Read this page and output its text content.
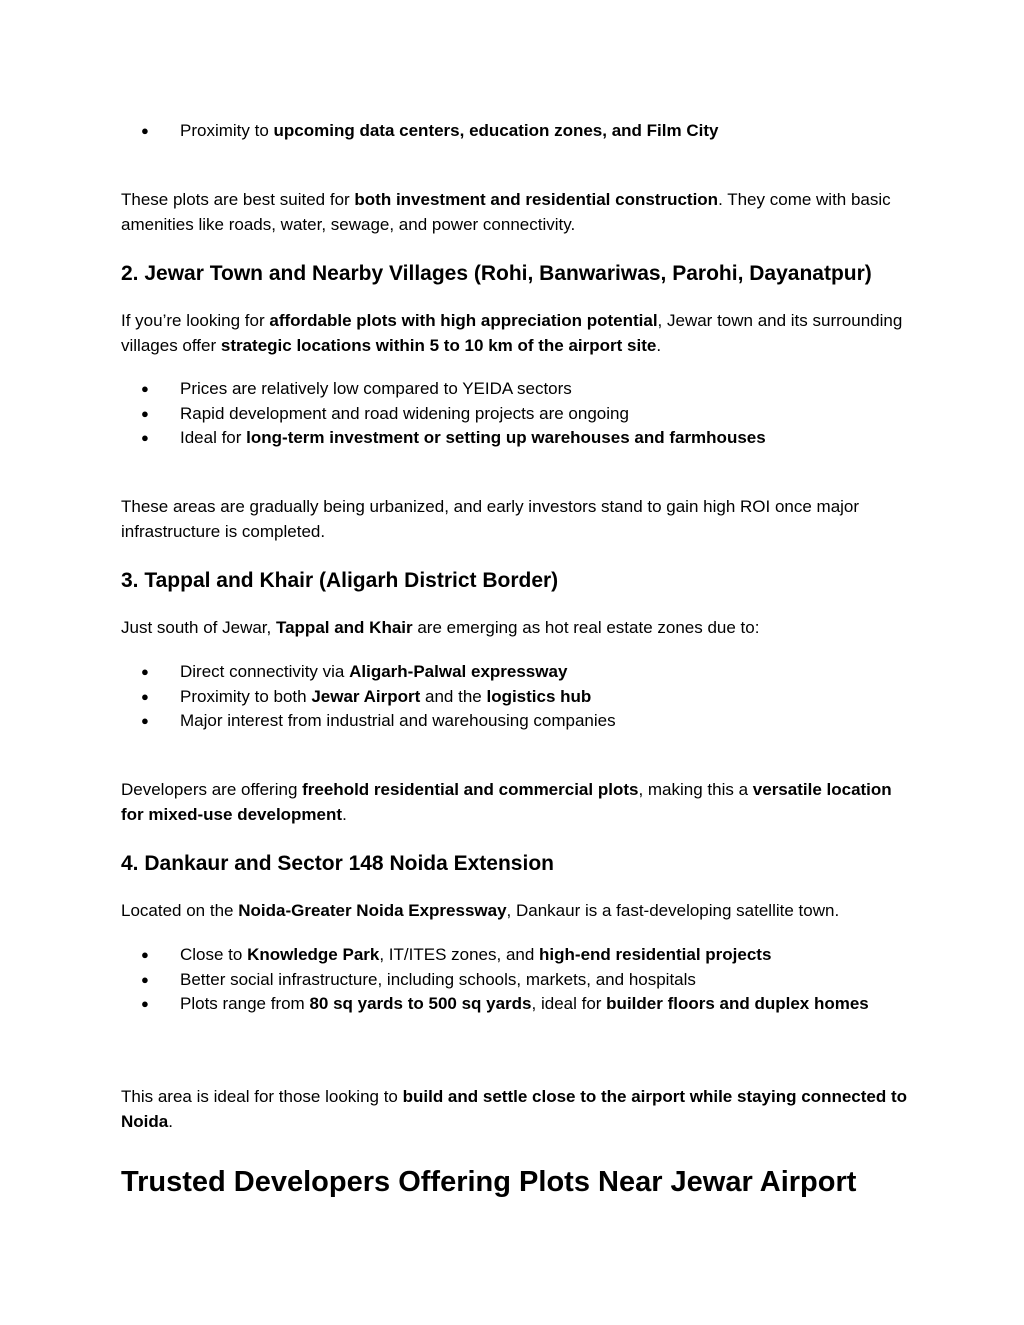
● Proximity to upcoming data centers, education zones, and Film City

These plots are best suited for both investment and residential construction. They come with basic amenities like roads, water, sewage, and power connectivity.

2. Jewar Town and Nearby Villages (Rohi, Banwariwas, Parohi, Dayanatpur)

If you’re looking for affordable plots with high appreciation potential, Jewar town and its surrounding villages offer strategic locations within 5 to 10 km of the airport site.

● Prices are relatively low compared to YEIDA sectors
● Rapid development and road widening projects are ongoing
● Ideal for long-term investment or setting up warehouses and farmhouses

These areas are gradually being urbanized, and early investors stand to gain high ROI once major infrastructure is completed.

3. Tappal and Khair (Aligarh District Border)

Just south of Jewar, Tappal and Khair are emerging as hot real estate zones due to:

● Direct connectivity via Aligarh-Palwal expressway
● Proximity to both Jewar Airport and the logistics hub
● Major interest from industrial and warehousing companies

Developers are offering freehold residential and commercial plots, making this a versatile location for mixed-use development.

4. Dankaur and Sector 148 Noida Extension

Located on the Noida-Greater Noida Expressway, Dankaur is a fast-developing satellite town.

● Close to Knowledge Park, IT/ITES zones, and high-end residential projects
● Better social infrastructure, including schools, markets, and hospitals
● Plots range from 80 sq yards to 500 sq yards, ideal for builder floors and duplex homes

This area is ideal for those looking to build and settle close to the airport while staying connected to Noida.

Trusted Developers Offering Plots Near Jewar Airport
